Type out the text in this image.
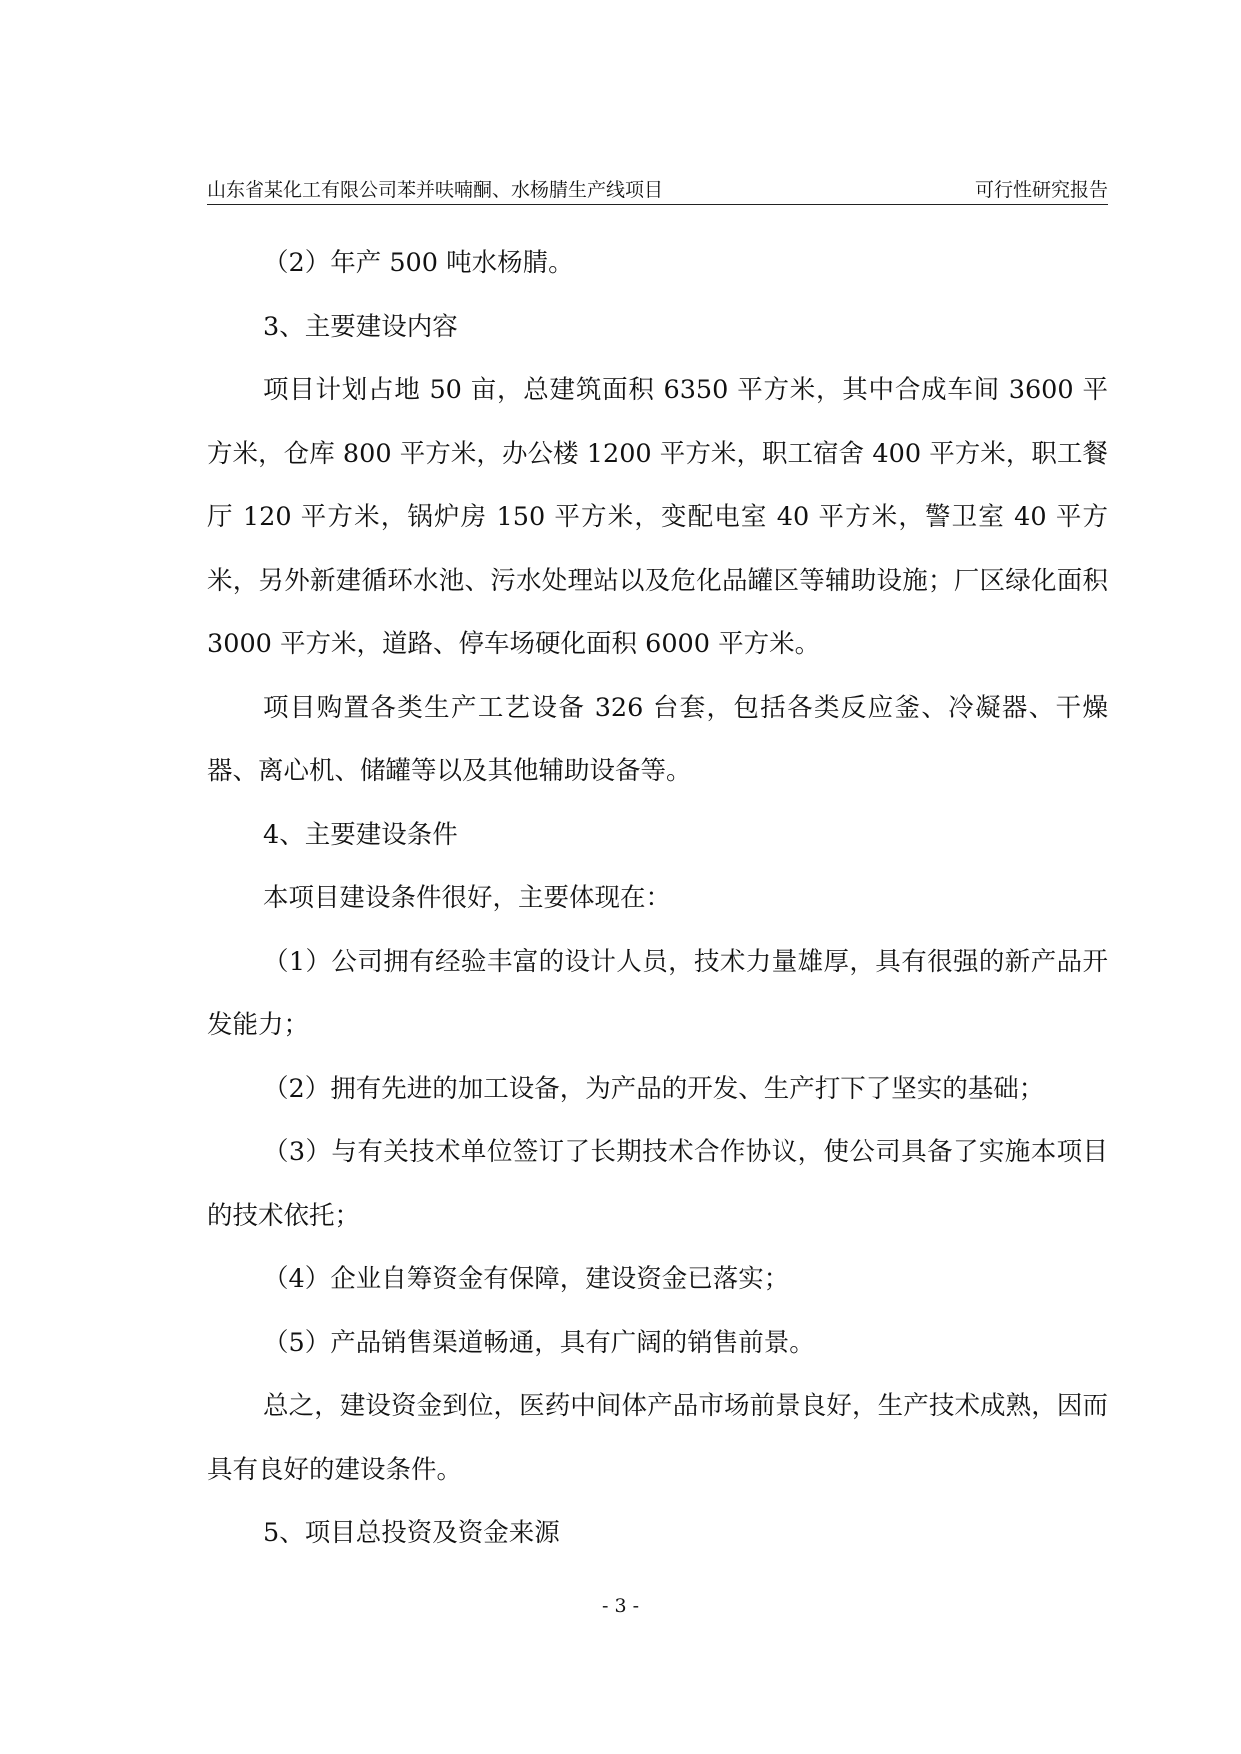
山东省某化工有限公司苯并呋喃酮、水杨腈生产线项目	可行性研究报告

（2）年产 500 吨水杨腈。

3、主要建设内容

项目计划占地 50 亩，总建筑面积 6350 平方米，其中合成车间 3600 平方米，仓库 800 平方米，办公楼 1200 平方米，职工宿舍 400 平方米，职工餐厅 120 平方米，锅炉房 150 平方米，变配电室 40 平方米，警卫室 40 平方米，另外新建循环水池、污水处理站以及危化品罐区等辅助设施；厂区绿化面积 3000 平方米，道路、停车场硬化面积 6000 平方米。

项目购置各类生产工艺设备 326 台套，包括各类反应釜、冷凝器、干燥器、离心机、储罐等以及其他辅助设备等。

4、主要建设条件

本项目建设条件很好，主要体现在：

（1）公司拥有经验丰富的设计人员，技术力量雄厚，具有很强的新产品开发能力；

（2）拥有先进的加工设备，为产品的开发、生产打下了坚实的基础；

（3）与有关技术单位签订了长期技术合作协议，使公司具备了实施本项目的技术依托；

（4）企业自筹资金有保障，建设资金已落实；

（5）产品销售渠道畅通，具有广阔的销售前景。

总之，建设资金到位，医药中间体产品市场前景良好，生产技术成熟，因而具有良好的建设条件。

5、项目总投资及资金来源

- 3 -
